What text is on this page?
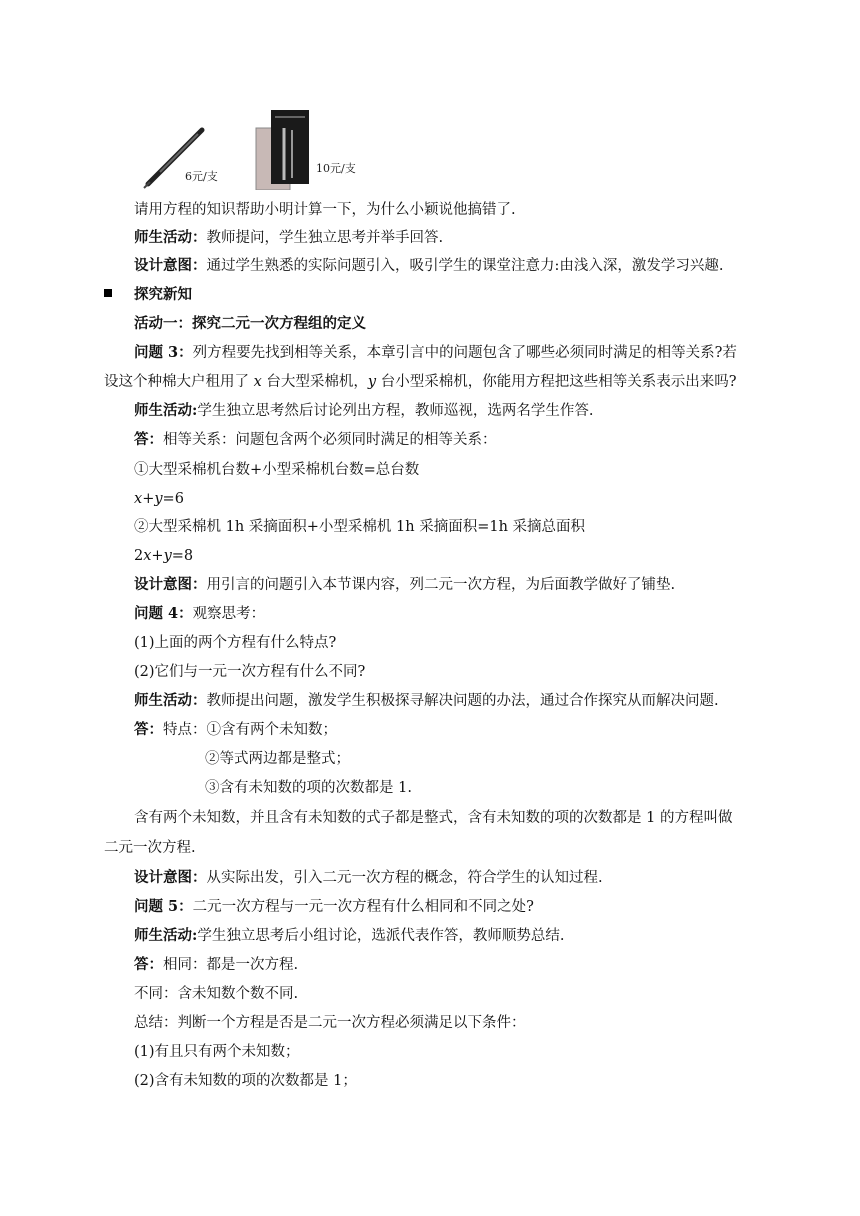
6元/支
10元/支
请用方程的知识帮助小明计算一下，为什么小颖说他搞错了.
师生活动：教师提问，学生独立思考并举手回答.
设计意图：通过学生熟悉的实际问题引入，吸引学生的课堂注意力:由浅入深，激发学习兴趣.
探究新知
活动一：探究二元一次方程组的定义
问题 3：列方程要先找到相等关系，本章引言中的问题包含了哪些必须同时满足的相等关系?若
设这个种棉大户租用了 x 台大型采棉机，y 台小型采棉机，你能用方程把这些相等关系表示出来吗?
师生活动:学生独立思考然后讨论列出方程，教师巡视，选两名学生作答.
答：相等关系：问题包含两个必须同时满足的相等关系：
①大型采棉机台数+小型采棉机台数=总台数
x+y=6
②大型采棉机 1h 采摘面积+小型采棉机 1h 采摘面积=1h 采摘总面积
2x+y=8
设计意图：用引言的问题引入本节课内容，列二元一次方程，为后面教学做好了铺垫.
问题 4：观察思考：
(1)上面的两个方程有什么特点?
(2)它们与一元一次方程有什么不同?
师生活动：教师提出问题，激发学生积极探寻解决问题的办法，通过合作探究从而解决问题.
答：特点：①含有两个未知数；
②等式两边都是整式；
③含有未知数的项的次数都是 1.
含有两个未知数，并且含有未知数的式子都是整式，含有未知数的项的次数都是 1 的方程叫做
二元一次方程.
设计意图：从实际出发，引入二元一次方程的概念，符合学生的认知过程.
问题 5：二元一次方程与一元一次方程有什么相同和不同之处?
师生活动:学生独立思考后小组讨论，选派代表作答，教师顺势总结.
答：相同：都是一次方程.
不同：含未知数个数不同.
总结：判断一个方程是否是二元一次方程必须满足以下条件：
(1)有且只有两个未知数；
(2)含有未知数的项的次数都是 1；
